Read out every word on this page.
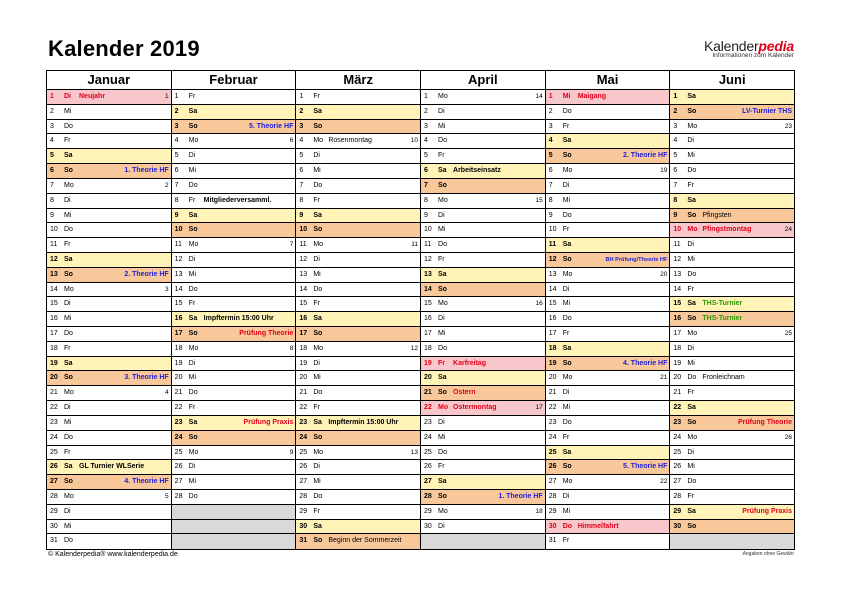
Kalender 2019	Kalenderpedia
Informationen zum Kalender
Januar
1 Di Neujahr	1
2 Mi
3 Do
4 Fr
5 Sa
6 So	1. Theorie HF
7 Mo	2
8 Di
9 Mi
10 Do
11 Fr
12 Sa
13 So	2. Theorie HF
14 Mo	3
15 Di
16 Mi
17 Do
18 Fr
19 Sa
20 So	3. Theorie HF
21 Mo	4
22 Di
23 Mi
24 Do
25 Fr
26 Sa GL Turnier WLSerie
27 So	4. Theorie HF
28 Mo	5
29 Di
30 Mi
31 Do
Februar
1 Fr
2 Sa
3 So	5. Theorie HF
4 Mo	6
5 Di
6 Mi
7 Do
8 Fr Mitgliederversamml.
9 Sa
10 So
11 Mo	7
12 Di
13 Mi
14 Do
15 Fr
16 Sa Impftermin 15:00 Uhr
17 So	Prüfung Theorie
18 Mo	8
19 Di
20 Mi
21 Do
22 Fr
23 Sa	Prüfung Praxis
24 So
25 Mo	9
26 Di
27 Mi
28 Do
März
1 Fr
2 Sa
3 So
4 Mo Rosenmontag	10
5 Di
6 Mi
7 Do
8 Fr
9 Sa
10 So
11 Mo	11
12 Di
13 Mi
14 Do
15 Fr
16 Sa
17 So
18 Mo	12
19 Di
20 Mi
21 Do
22 Fr
23 Sa Impftermin 15:00 Uhr
24 So
25 Mo	13
26 Di
27 Mi
28 Do
29 Fr
30 Sa
31 So Beginn der Sommerzeit
April
1 Mo	14
2 Di
3 Mi
4 Do
5 Fr
6 Sa Arbeitseinsatz
7 So
8 Mo	15
9 Di
10 Mi
11 Do
12 Fr
13 Sa
14 So
15 Mo	16
16 Di
17 Mi
18 Do
19 Fr Karfreitag
20 Sa
21 So Ostern
22 Mo Ostermontag	17
23 Di
24 Mi
25 Do
26 Fr
27 Sa
28 So	1. Theorie HF
29 Mo	18
30 Di
Mai
1 Mi Maigang
2 Do
3 Fr
4 Sa
5 So	2. Theorie HF
6 Mo	19
7 Di
8 Mi
9 Do
10 Fr
11 Sa
12 So	BH Prüfung/Theorie HF
13 Mo	20
14 Di
15 Mi
16 Do
17 Fr
18 Sa
19 So	4. Theorie HF
20 Mo	21
21 Di
22 Mi
23 Do
24 Fr
25 Sa
26 So	5. Theorie HF
27 Mo	22
28 Di
29 Mi
30 Do Himmelfahrt
31 Fr
Juni
1 Sa
2 So	LV-Turnier THS
3 Mo	23
4 Di
5 Mi
6 Do
7 Fr
8 Sa
9 So Pfingsten
10 Mo Pfingstmontag	24
11 Di
12 Mi
13 Do
14 Fr
15 Sa THS-Turnier
16 So THS-Turnier
17 Mo	25
18 Di
19 Mi
20 Do Fronleichnam
21 Fr
22 Sa
23 So	Prüfung Theorie
24 Mo	26
25 Di
26 Mi
27 Do
28 Fr
29 Sa	Prüfung Praxis
30 So
© Kalenderpedia® www.kalenderpedia.de	Angaben ohne Gewähr
